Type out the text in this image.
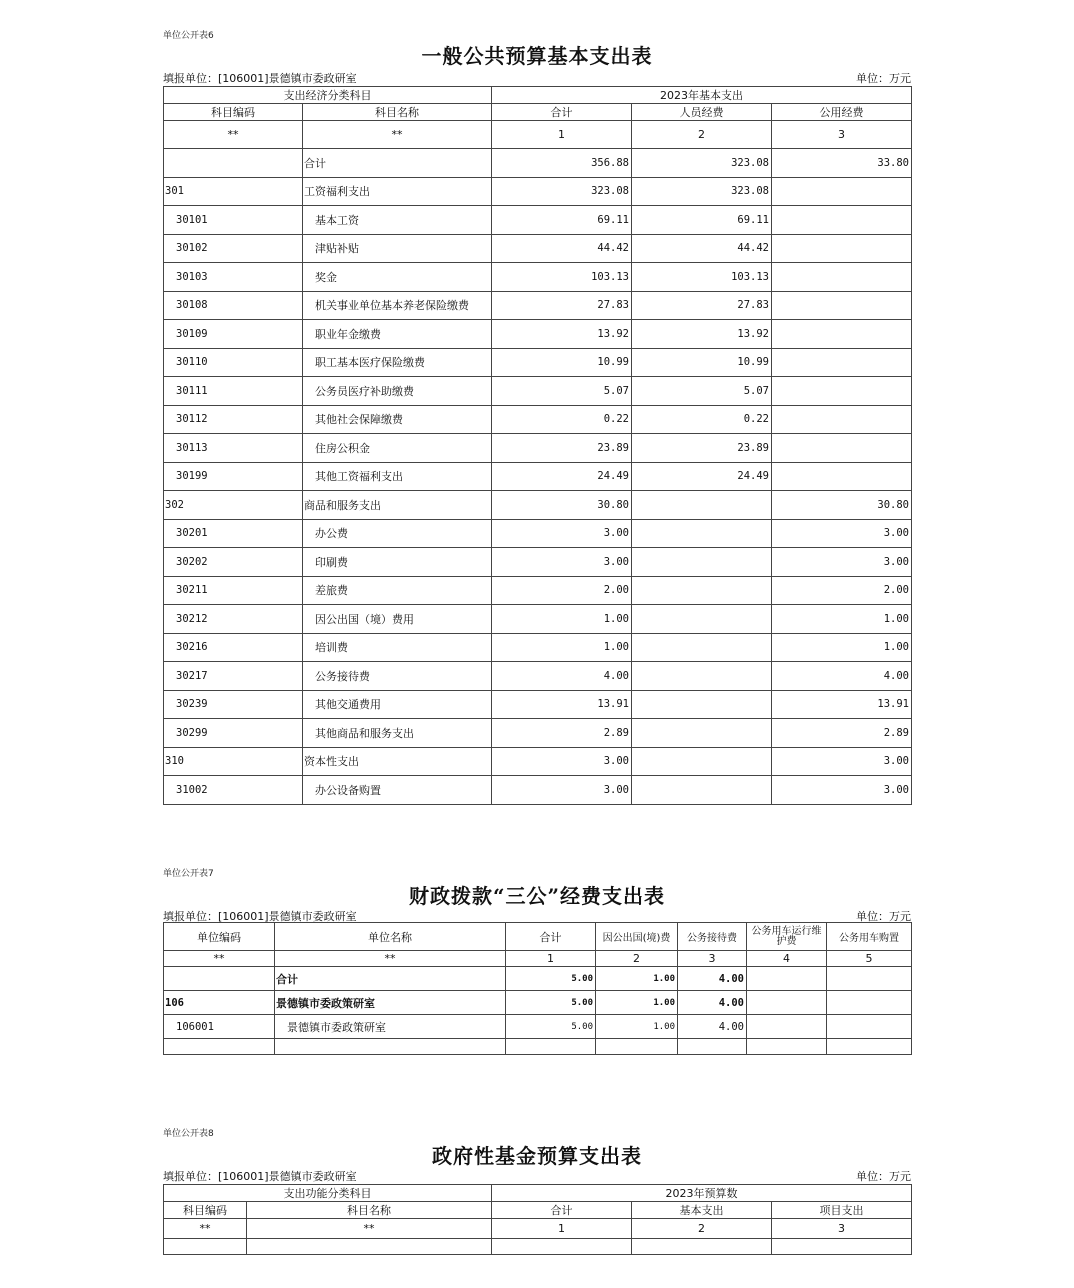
单位公开表6
一般公共预算基本支出表
填报单位：[106001]景德镇市委政研室	单位：万元
支出经济分类科目		2023年基本支出		
科目编码	科目名称	合计	人员经费	公用经费
**	**	1	2	3
	合计	356.88	323.08	33.80
301	工资福利支出	323.08	323.08	
30101	基本工资	69.11	69.11	
30102	津贴补贴	44.42	44.42	
30103	奖金	103.13	103.13	
30108	机关事业单位基本养老保险缴费	27.83	27.83	
30109	职业年金缴费	13.92	13.92	
30110	职工基本医疗保险缴费	10.99	10.99	
30111	公务员医疗补助缴费	5.07	5.07	
30112	其他社会保障缴费	0.22	0.22	
30113	住房公积金	23.89	23.89	
30199	其他工资福利支出	24.49	24.49	
302	商品和服务支出	30.80		30.80
30201	办公费	3.00		3.00
30202	印刷费	3.00		3.00
30211	差旅费	2.00		2.00
30212	因公出国（境）费用	1.00		1.00
30216	培训费	1.00		1.00
30217	公务接待费	4.00		4.00
30239	其他交通费用	13.91		13.91
30299	其他商品和服务支出	2.89		2.89
310	资本性支出	3.00		3.00
31002	办公设备购置	3.00		3.00
单位公开表7
财政拨款“三公”经费支出表
填报单位：[106001]景德镇市委政研室	单位：万元
单位编码	单位名称	合计	因公出国(境)费	公务接待费	公务用车运行维护费	公务用车购置
**	**	1	2	3	4	5
	合计	5.00	1.00	4.00		
106	景德镇市委政策研室	5.00	1.00	4.00		
106001	景德镇市委政策研室	5.00	1.00	4.00		

单位公开表8
政府性基金预算支出表
填报单位：[106001]景德镇市委政研室	单位：万元
支出功能分类科目		2023年预算数		
科目编码	科目名称	合计	基本支出	项目支出
**	**	1	2	3
